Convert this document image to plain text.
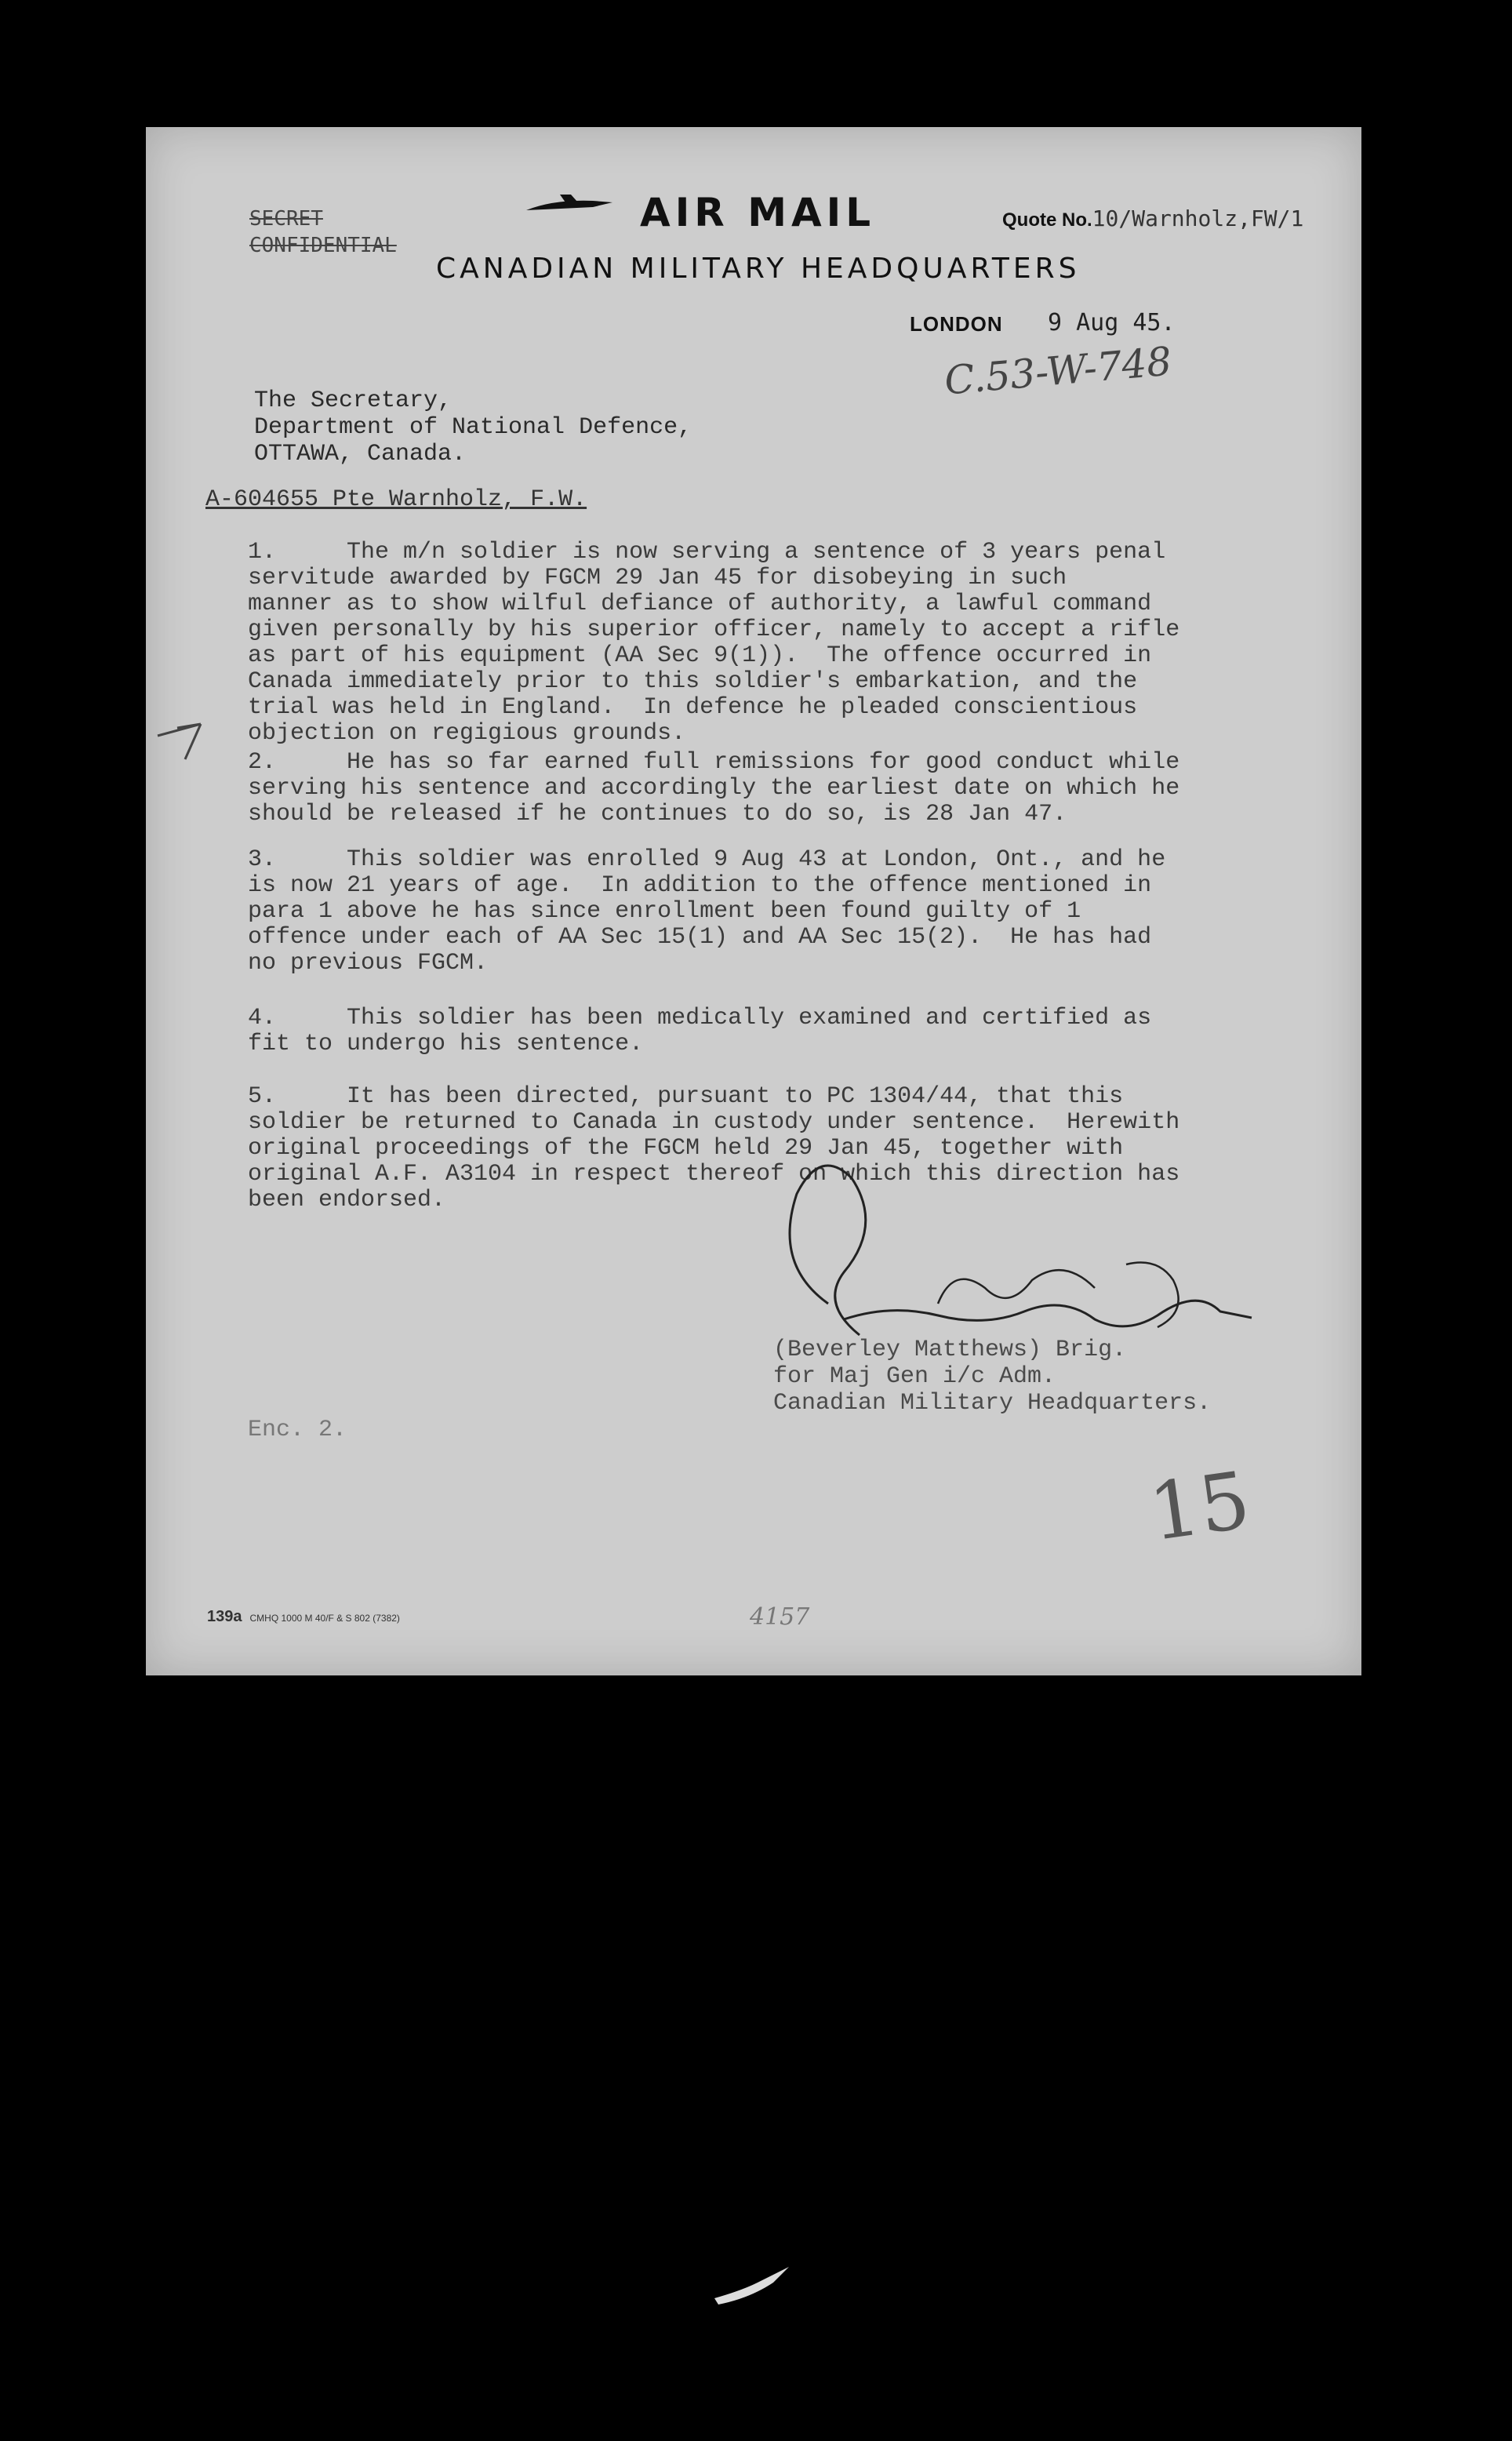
SECRET
CONFIDENTIAL
AIR MAIL
CANADIAN MILITARY HEADQUARTERS
Quote No.10/Warnholz,FW/1
LONDON 9 Aug 45.
C.53-W-748
The Secretary,
Department of National Defence,
OTTAWA, Canada.
A-604655 Pte Warnholz, F.W.

1.     The m/n soldier is now serving a sentence of 3 years penal

servitude awarded by FGCM 29 Jan 45 for disobeying in such

manner as to show wilful defiance of authority, a lawful command

given personally by his superior officer, namely to accept a rifle

as part of his equipment (AA Sec 9(1)).  The offence occurred in

Canada immediately prior to this soldier's embarkation, and the

trial was held in England.  In defence he pleaded conscientious

objection on regigious grounds.

2.     He has so far earned full remissions for good conduct while

serving his sentence and accordingly the earliest date on which he

should be released if he continues to do so, is 28 Jan 47.

3.     This soldier was enrolled 9 Aug 43 at London, Ont., and he

is now 21 years of age.  In addition to the offence mentioned in

para 1 above he has since enrollment been found guilty of 1

offence under each of AA Sec 15(1) and AA Sec 15(2).  He has had

no previous FGCM.

4.     This soldier has been medically examined and certified as

fit to undergo his sentence.

5.     It has been directed, pursuant to PC 1304/44, that this

soldier be returned to Canada in custody under sentence.  Herewith

original proceedings of the FGCM held 29 Jan 45, together with

original A.F. A3104 in respect thereof on which this direction has

been endorsed.

(Beverley Matthews) Brig.
for Maj Gen i/c Adm.
Canadian Military Headquarters.
Enc. 2.
15
139a CMHQ 1000 M 40/F & S 802 (7382)	4157
